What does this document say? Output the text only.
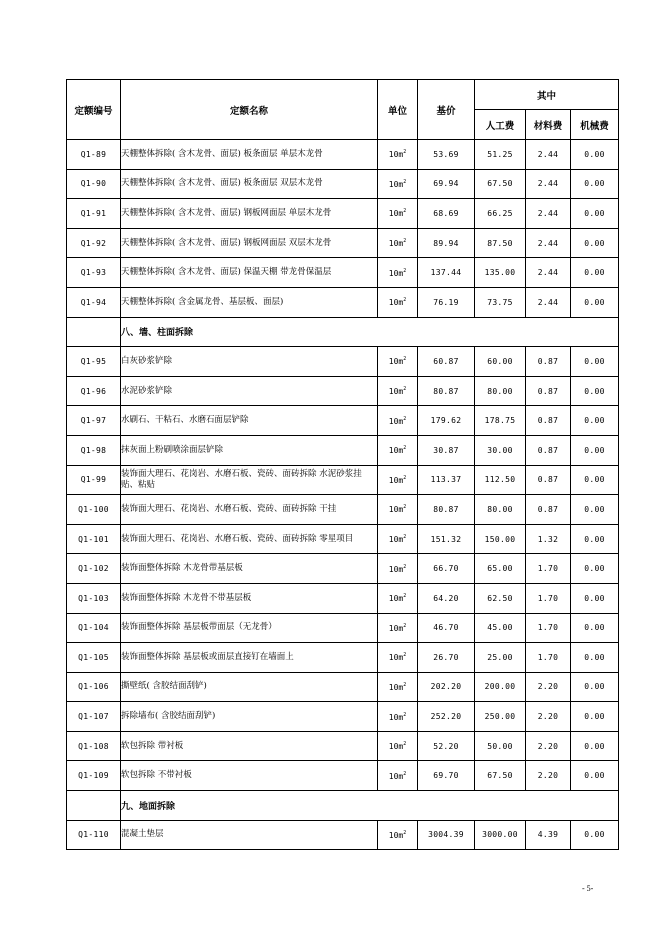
定额编号	定额名称	单位	基价	其中		
				人工费	材料费	机械费
Q1-89	天棚整体拆除( 含木龙骨、面层) 板条面层 单层木龙骨	$10m^2$	53.69	51.25	2.44	0.00
Q1-90	天棚整体拆除( 含木龙骨、面层) 板条面层 双层木龙骨	$10m^2$	69.94	67.50	2.44	0.00
Q1-91	天棚整体拆除( 含木龙骨、面层) 钢板网面层 单层木龙骨	$10m^2$	68.69	66.25	2.44	0.00
Q1-92	天棚整体拆除( 含木龙骨、面层) 钢板网面层 双层木龙骨	$10m^2$	89.94	87.50	2.44	0.00
Q1-93	天棚整体拆除( 含木龙骨、面层) 保温天棚 带龙骨保温层	$10m^2$	137.44	135.00	2.44	0.00
Q1-94	天棚整体拆除( 含金属龙骨、基层板、面层)	$10m^2$	76.19	73.75	2.44	0.00
	八、墙、柱面拆除					
Q1-95	白灰砂浆铲除	$10m^2$	60.87	60.00	0.87	0.00
Q1-96	水泥砂浆铲除	$10m^2$	80.87	80.00	0.87	0.00
Q1-97	水刷石、干粘石、水磨石面层铲除	$10m^2$	179.62	178.75	0.87	0.00
Q1-98	抹灰面上粉刷喷涂面层铲除	$10m^2$	30.87	30.00	0.87	0.00
Q1-99	装饰面大理石、花岗岩、水磨石板、瓷砖、面砖拆除 水泥砂浆挂贴、粘贴	$10m^2$	113.37	112.50	0.87	0.00
Q1-100	装饰面大理石、花岗岩、水磨石板、瓷砖、面砖拆除 干挂	$10m^2$	80.87	80.00	0.87	0.00
Q1-101	装饰面大理石、花岗岩、水磨石板、瓷砖、面砖拆除 零星项目	$10m^2$	151.32	150.00	1.32	0.00
Q1-102	装饰面整体拆除 木龙骨带基层板	$10m^2$	66.70	65.00	1.70	0.00
Q1-103	装饰面整体拆除 木龙骨不带基层板	$10m^2$	64.20	62.50	1.70	0.00
Q1-104	装饰面整体拆除 基层板带面层（无龙骨）	$10m^2$	46.70	45.00	1.70	0.00
Q1-105	装饰面整体拆除 基层板或面层直接钉在墙面上	$10m^2$	26.70	25.00	1.70	0.00
Q1-106	撕壁纸( 含胶结面刮铲)	$10m^2$	202.20	200.00	2.20	0.00
Q1-107	拆除墙布( 含胶结面刮铲)	$10m^2$	252.20	250.00	2.20	0.00
Q1-108	软包拆除 带衬板	$10m^2$	52.20	50.00	2.20	0.00
Q1-109	软包拆除 不带衬板	$10m^2$	69.70	67.50	2.20	0.00
	九、地面拆除					
Q1-110	混凝土垫层	$10m^2$	3004.39	3000.00	4.39	0.00
- 5-
